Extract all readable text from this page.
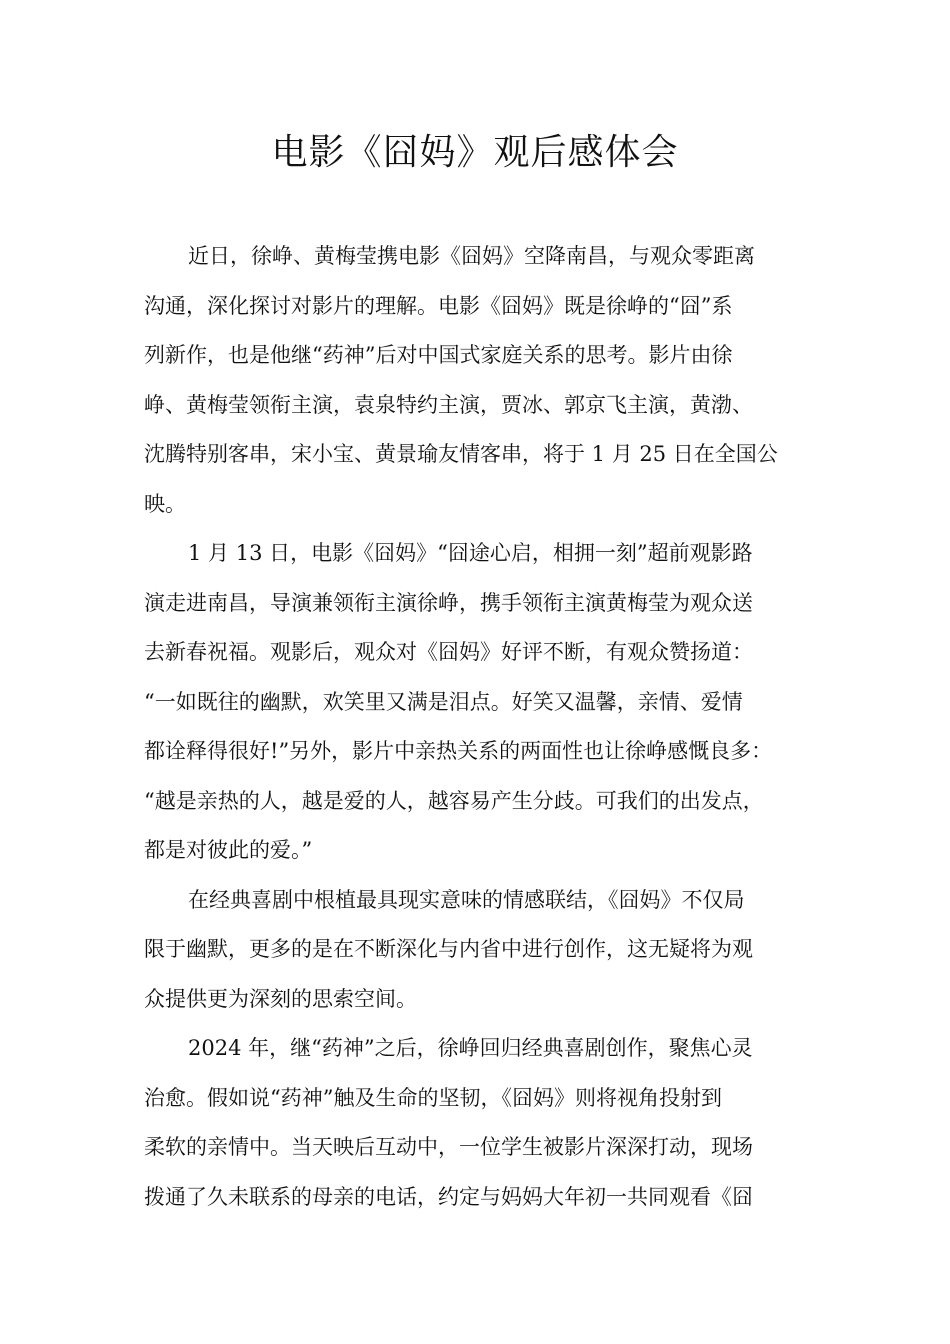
电影《囧妈》观后感体会
近日，徐峥、黄梅莹携电影《囧妈》空降南昌，与观众零距离
沟通，深化探讨对影片的理解。电影《囧妈》既是徐峥的“囧”系
列新作，也是他继“药神”后对中国式家庭关系的思考。影片由徐
峥、黄梅莹领衔主演，袁泉特约主演，贾冰、郭京飞主演，黄渤、
沈腾特别客串，宋小宝、黄景瑜友情客串，将于 1 月 25 日在全国公
映。
1 月 13 日，电影《囧妈》“囧途心启，相拥一刻”超前观影路
演走进南昌，导演兼领衔主演徐峥，携手领衔主演黄梅莹为观众送
去新春祝福。观影后，观众对《囧妈》好评不断，有观众赞扬道：
“一如既往的幽默，欢笑里又满是泪点。好笑又温馨，亲情、爱情
都诠释得很好!”另外，影片中亲热关系的两面性也让徐峥感慨良多：
“越是亲热的人，越是爱的人，越容易产生分歧。可我们的出发点，
都是对彼此的爱。”
在经典喜剧中根植最具现实意味的情感联结，《囧妈》不仅局
限于幽默，更多的是在不断深化与内省中进行创作，这无疑将为观
众提供更为深刻的思索空间。
2024 年，继“药神”之后，徐峥回归经典喜剧创作，聚焦心灵
治愈。假如说“药神”触及生命的坚韧，《囧妈》则将视角投射到
柔软的亲情中。当天映后互动中，一位学生被影片深深打动，现场
拨通了久未联系的母亲的电话，约定与妈妈大年初一共同观看《囧
